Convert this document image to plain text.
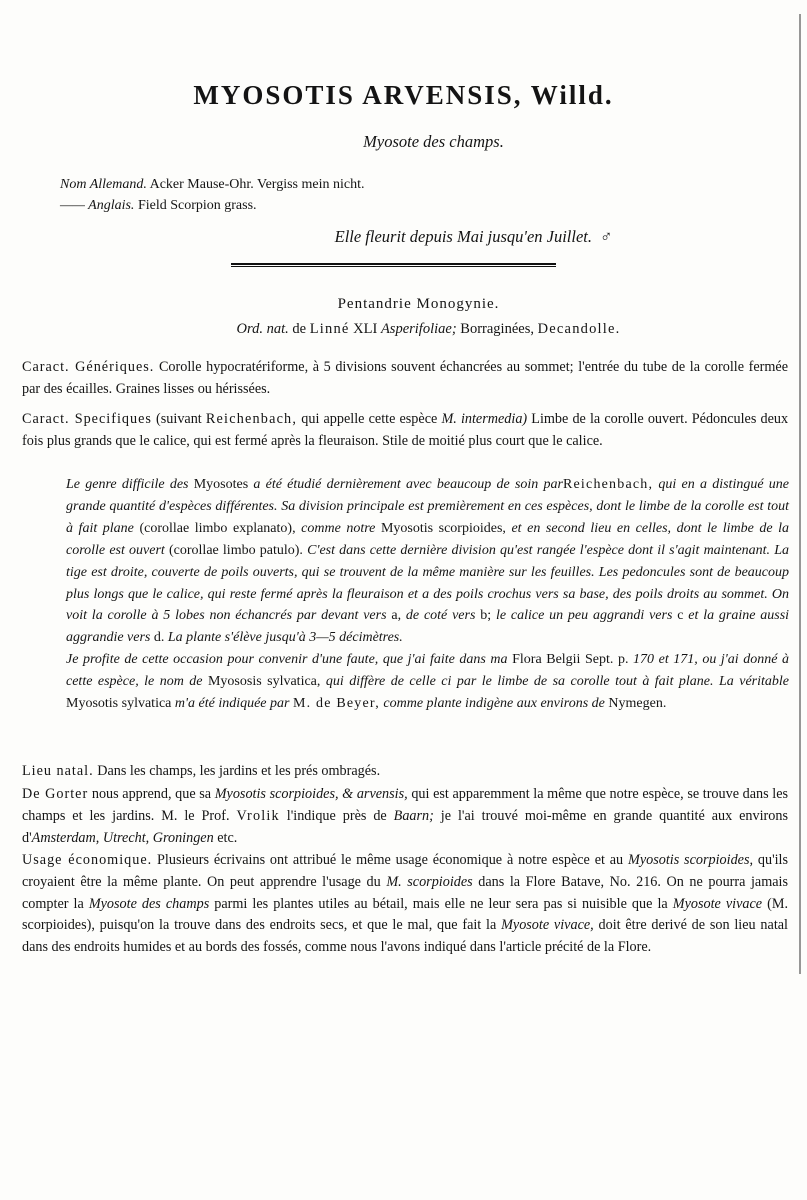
MYOSOTIS ARVENSIS, Willd.
Myosote des champs.
Nom Allemand. Acker Mause-Ohr. Vergiss mein nicht.
—— Anglais. Field Scorpion grass.
Elle fleurit depuis Mai jusqu'en Juillet. ♂
Pentandrie Monogynie.
Ord. nat. de Linné XLI Asperifoliae; Borraginées, Decandolle.
Caract. Génériques. Corolle hypocratériforme, à 5 divisions souvent échancrées au sommet; l'entrée du tube de la corolle fermée par des écailles. Graines lisses ou hérissées.
Caract. Specifiques (suivant Reichenbach, qui appelle cette espèce M. intermedia) Limbe de la corolle ouvert. Pédoncules deux fois plus grands que le calice, qui est fermé après la fleuraison. Stile de moitié plus court que le calice.
Le genre difficile des Myosotes a été étudié dernièrement avec beaucoup de soin parReichenbach, qui en a distingué une grande quantité d'espèces différentes. Sa division principale est premièrement en ces espèces, dont le limbe de la corolle est tout à fait plane (corollae limbo explanato), comme notre Myosotis scorpioides, et en second lieu en celles, dont le limbe de la corolle est ouvert (corollae limbo patulo). C'est dans cette dernière division qu'est rangée l'espèce dont il s'agit maintenant. La tige est droite, couverte de poils ouverts, qui se trouvent de la même manière sur les feuilles. Les pedoncules sont de beaucoup plus longs que le calice, qui reste fermé après la fleuraison et a des poils crochus vers sa base, des poils droits au sommet. On voit la corolle à 5 lobes non échancrés par devant vers a, de coté vers b; le calice un peu aggrandi vers c et la graine aussi aggrandie vers d. La plante s'élève jusqu'à 3—5 décimètres.
Je profite de cette occasion pour convenir d'une faute, que j'ai faite dans ma Flora Belgii Sept. p. 170 et 171, ou j'ai donné à cette espèce, le nom de Myososis sylvatica, qui diffère de celle ci par le limbe de sa corolle tout à fait plane. La véritable Myosotis sylvatica m'a été indiquée par M. de Beyer, comme plante indigène aux environs de Nymegen.
Lieu natal. Dans les champs, les jardins et les prés ombragés.
De Gorter nous apprend, que sa Myosotis scorpioides, & arvensis, qui est apparemment la même que notre espèce, se trouve dans les champs et les jardins. M. le Prof. Vrolik l'indique près de Baarn; je l'ai trouvé moi-même en grande quantité aux environs d'Amsterdam, Utrecht, Groningen etc.
Usage économique. Plusieurs écrivains ont attribué le même usage économique à notre espèce et au Myosotis scorpioides, qu'ils croyaient être la même plante. On peut apprendre l'usage du M. scorpioides dans la Flore Batave, No. 216. On ne pourra jamais compter la Myosote des champs parmi les plantes utiles au bétail, mais elle ne leur sera pas si nuisible que la Myosote vivace (M. scorpioides), puisqu'on la trouve dans des endroits secs, et que le mal, que fait la Myosote vivace, doit être derivé de son lieu natal dans des endroits humides et au bords des fossés, comme nous l'avons indiqué dans l'article précité de la Flore.
